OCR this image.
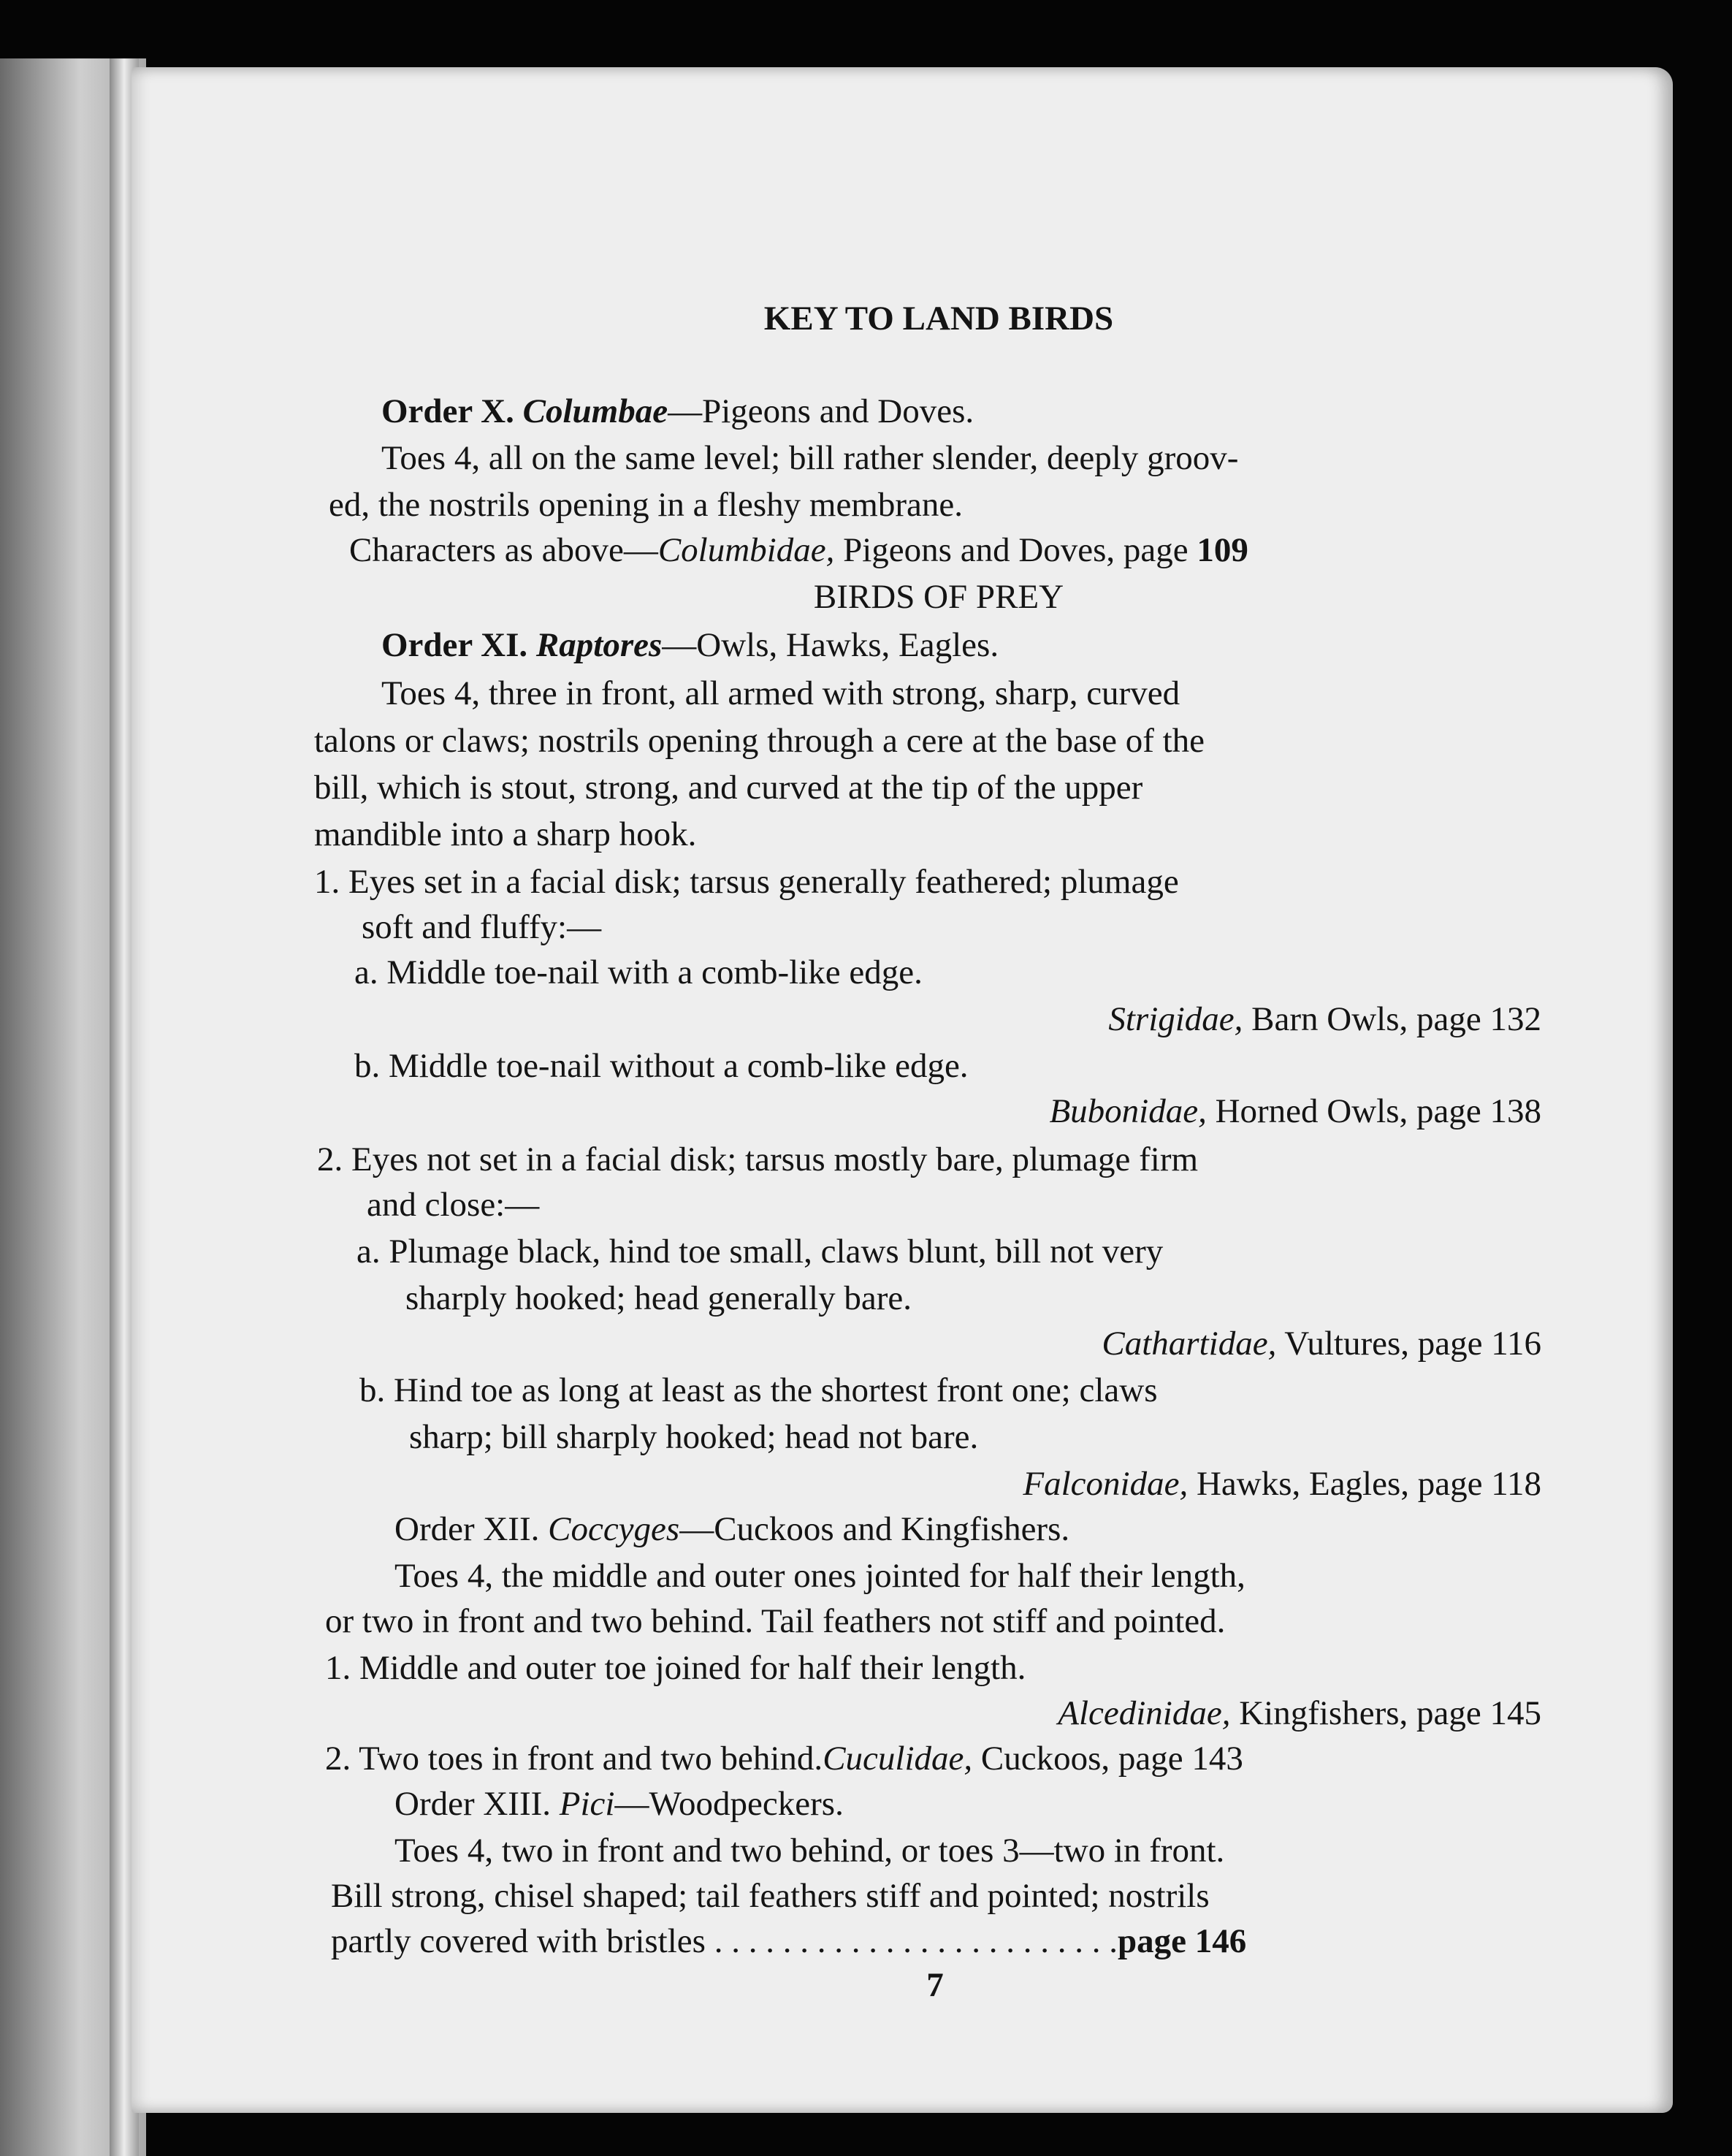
KEY TO LAND BIRDS
Order X. Columbae—Pigeons and Doves.
Toes 4, all on the same level; bill rather slender, deeply groov-
ed, the nostrils opening in a fleshy membrane.
Characters as above—Columbidae, Pigeons and Doves, page 109
BIRDS OF PREY
Order XI. Raptores—Owls, Hawks, Eagles.
Toes 4, three in front, all armed with strong, sharp, curved
talons or claws; nostrils opening through a cere at the base of the
bill, which is stout, strong, and curved at the tip of the upper
mandible into a sharp hook.
1. Eyes set in a facial disk; tarsus generally feathered; plumage
soft and fluffy:—
a. Middle toe-nail with a comb-like edge.
Strigidae, Barn Owls, page 132
b. Middle toe-nail without a comb-like edge.
Bubonidae, Horned Owls, page 138
2. Eyes not set in a facial disk; tarsus mostly bare, plumage firm
and close:—
a. Plumage black, hind toe small, claws blunt, bill not very
sharply hooked; head generally bare.
Cathartidae, Vultures, page 116
b. Hind toe as long at least as the shortest front one; claws
sharp; bill sharply hooked; head not bare.
Falconidae, Hawks, Eagles, page 118
Order XII. Coccyges—Cuckoos and Kingfishers.
Toes 4, the middle and outer ones jointed for half their length,
or two in front and two behind. Tail feathers not stiff and pointed.
1. Middle and outer toe joined for half their length.
Alcedinidae, Kingfishers, page 145
2. Two toes in front and two behind.Cuculidae, Cuckoos, page 143
Order XIII. Pici—Woodpeckers.
Toes 4, two in front and two behind, or toes 3—two in front.
Bill strong, chisel shaped; tail feathers stiff and pointed; nostrils
partly covered with bristles . . . . . . . . . . . . . . . . . . . . . . . .page 146
7
